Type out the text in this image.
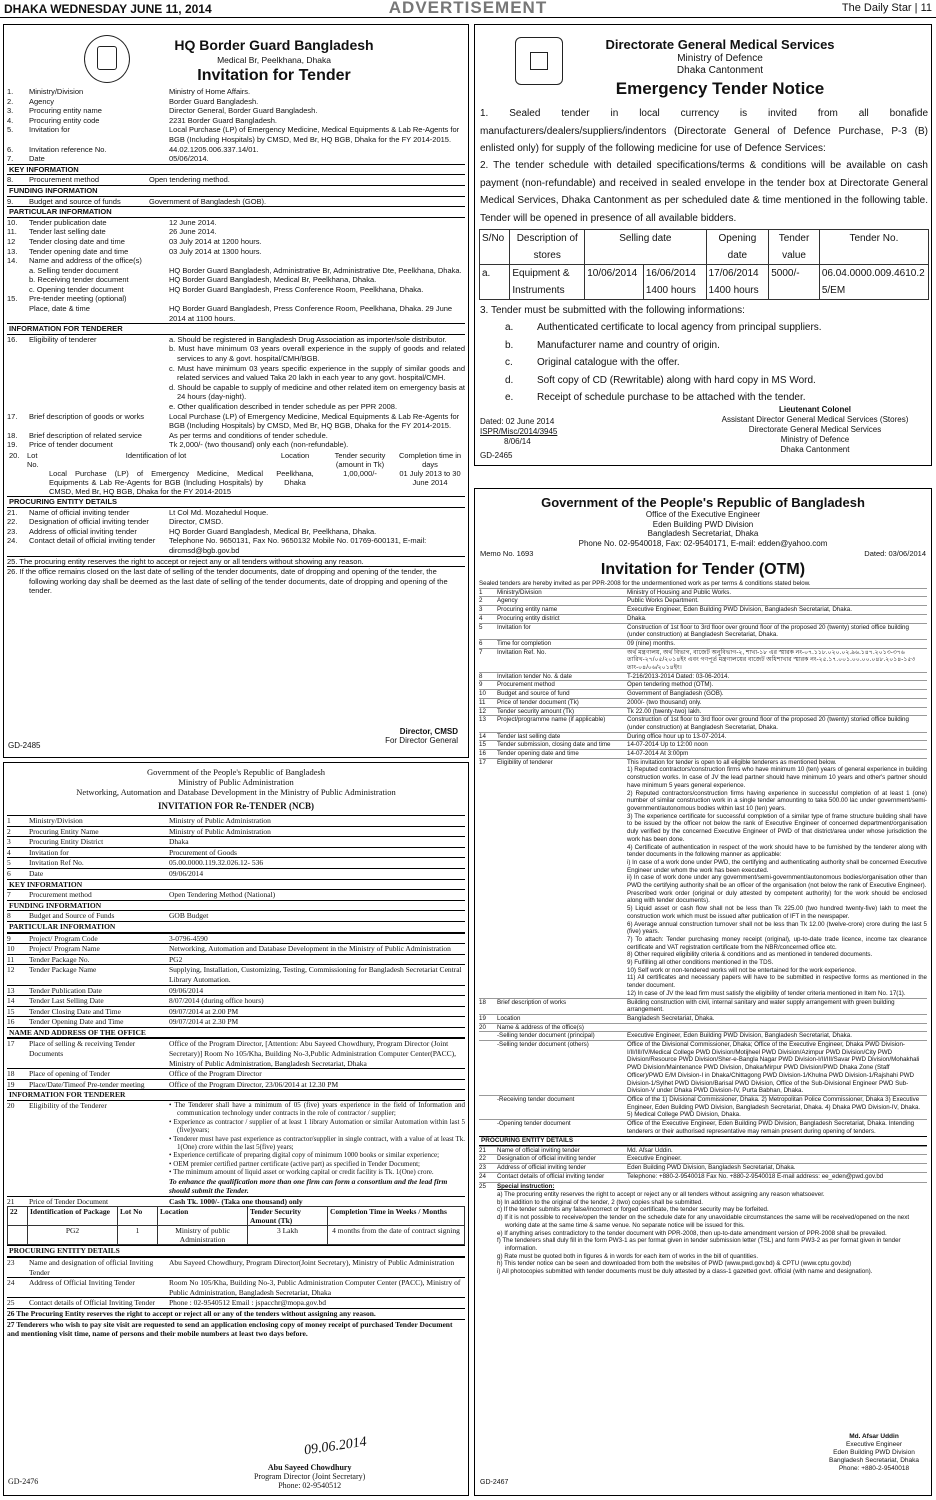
DHAKA WEDNESDAY JUNE 11, 2014	ADVERTISEMENT	The Daily Star | 11
HQ Border Guard Bangladesh
Medical Br, Peelkhana, Dhaka
Invitation for Tender
1.	Ministry/Division	Ministry of Home Affairs.
2.	Agency	Border Guard Bangladesh.
3.	Procuring entity name	Director General, Border Guard Bangladesh.
4.	Procuring entity code	2231 Border Guard Bangladesh.
5.	Invitation for	Local Purchase (LP) of Emergency Medicine, Medical Equipments & Lab Re-Agents for BGB (Including Hospitals) by CMSD, Med Br, HQ BGB, Dhaka for the FY 2014-2015.
6.	Invitation reference No.	44.02.1205.006.337.14/01.
7.	Date	05/06/2014.
KEY INFORMATION
8.	Procurement method	Open tendering method.
FUNDING INFORMATION
9.	Budget and source of funds	Government of Bangladesh (GOB).
PARTICULAR INFORMATION
10.	Tender publication date	12 June 2014.
11.	Tender last selling date	26 June 2014.
12	Tender closing date and time	03 July 2014 at 1200 hours.
13.	Tender opening date and time	03 July 2014 at 1300 hours.
14.	Name and address of the office(s)
a. Selling tender document	HQ Border Guard Bangladesh, Administrative Br, Administrative Dte, Peelkhana, Dhaka.
b. Receiving tender document	HQ Border Guard Bangladesh, Medical Br, Peelkhana, Dhaka.
c. Opening tender document	HQ Border Guard Bangladesh, Press Conference Room, Peelkhana, Dhaka.
15.	Pre-tender meeting (optional)
Place, date & time	HQ Border Guard Bangladesh, Press Conference Room, Peelkhana, Dhaka. 29 June 2014 at 1100 hours.
INFORMATION FOR TENDERER
16.	Eligibility of tenderer	a. Should be registered in Bangladesh Drug Association as importer/sole distributor.
b. Must have minimum 03 years overall experience in the supply of goods and related services to any & govt. hospital/CMH/BGB.
c. Must have minimum 03 years specific experience in the supply of similar goods and related services and valued Taka 20 lakh in each year to any govt. hospital/CMH.
d. Should be capable to supply of medicine and other related item on emergency basis at 24 hours (day-night).
e. Other qualification described in tender schedule as per PPR 2008.
17.	Brief description of goods or works	Local Purchase (LP) of Emergency Medicine, Medical Equipments & Lab Re-Agents for BGB (Including Hospitals) by CMSD, Med Br, HQ BGB, Dhaka for the FY 2014-2015.
18.	Brief description of related service	As per terms and conditions of tender schedule.
19.	Price of tender document	Tk 2,000/- (two thousand) only each (non-refundable).
20.	Lot No.	Identification of lot	Location	Tender security (amount in Tk)	Completion time in days
		Local Purchase (LP) of Emergency Medicine, Medical Equipments & Lab Re-Agents for BGB (Including Hospitals) by CMSD, Med Br, HQ BGB, Dhaka for the FY 2014-2015	Peelkhana, Dhaka	1,00,000/-	01 July 2013 to 30 June 2014
PROCURING ENTITY DETAILS
21.	Name of official inviting tender	Lt Col Md. Mozahedul Hoque.
22.	Designation of official inviting tender	Director, CMSD.
23.	Address of official inviting tender	HQ Border Guard Bangladesh, Medical Br, Peelkhana, Dhaka.
24.	Contact detail of official inviting tender	Telephone No. 9650131, Fax No. 9650132 Mobile No. 01769-600131, E-mail: dircmsd@bgb.gov.bd
25. The procuring entity reserves the right to accept or reject any or all tenders without showing any reason.
26. If the office remains closed on the last date of selling of the tender documents, date of dropping and opening of the tender, the following working day shall be deemed as the last date of selling of the tender documents, date of dropping and opening of the tender.
Director, CMSD
For Director General
GD-2485
Government of the People's Republic of Bangladesh
Ministry of Public Administration
Networking, Automation and Database Development in the Ministry of Public Administration
INVITATION FOR Re-TENDER (NCB)
1	Ministry/Division	Ministry of Public Administration
2	Procuring Entity Name	Ministry of Public Administration
3	Procuring Entity District	Dhaka
4	Invitation for	Procurement of Goods
5	Invitation Ref No.	05.00.0000.119.32.026.12- 536
6	Date	09/06/2014
KEY INFORMATION
7	Procurement method	Open Tendering Method (National)
FUNDING INFORMATION
8	Budget and Source of Funds	GOB Budget
PARTICULAR INFORMATION
9	Project/ Program Code	3-0796-4590
10	Project/ Program Name	Networking, Automation and Database Development in the Ministry of Public Administration
11	Tender Package No.	PG2
12	Tender Package Name	Supplying, Installation, Customizing, Testing, Commissioning for Bangladesh Secretariat Central Library Automation.
13	Tender Publication Date	09/06/2014
14	Tender Last Selling Date	8/07/2014 (during office hours)
15	Tender Closing Date and Time	09/07/2014 at 2.00 PM
16	Tender Opening Date and Time	09/07/2014 at 2.30 PM
NAME AND ADDRESS OF THE OFFICE
17	Place of selling & receiving Tender Documents
Office of the Program Director, [Attention: Abu Sayeed Chowdhury, Program Director (Joint Secretary)] Room No 105/Kha, Building No-3,Public Administration Computer Center(PACC), Ministry of Public Administration, Bangladesh Secretariat, Dhaka
18	Place of opening of Tender	Office of the Program Director
19	Place/Date/Timeof Pre-tender meeting	Office of the Program Director, 23/06/2014 at 12.30 PM
INFORMATION FOR TENDERER
20	Eligibility of the Tenderer	• The Tenderer shall have a minimum of 05 (five) years experience in the field of Information and communication technology under contracts in the role of contractor / supplier;
• Experience as contractor / supplier of at least 1 library Automation or similar Automation within last 5 (five)years;
• Tenderer must have past experience as contractor/supplier in single contract, with a value of at least Tk. 1(One) crore within the last 5(five) years;
• Experience certificate of preparing digital copy of minimum 1000 books or similar experience;
• OEM premier certified partner certificate (active part) as specified in Tender Document;
• The minimum amount of liquid asset or working capital or credit facility is Tk. 1(One) crore.
To enhance the qualification more than one firm can form a consortium and the lead firm should submit the Tender.
21	Price of Tender Document	Cash Tk. 1000/- (Taka one thousand) only
22	Identification of Package	Lot No	Location	Tender Security Amount (Tk)	Completion Time in Weeks / Months
	PG2	1	Ministry of public Administration	3 Lakh	4 months from the date of contract signing
PROCURING ENTITY DETAILS
23	Name and designation of official Inviting Tender
Abu Sayeed Chowdhury, Program Director(Joint Secretary), Ministry of Public Administration
24	Address of Official Inviting Tender	Room No 105/Kha, Building No-3, Public Administration Computer Center (PACC), Ministry of Public Administration, Bangladesh Secretariat, Dhaka
25	Contact details of Official Inviting Tender	Phone : 02-9540512 Email : jspacchr@mopa.gov.bd
26 The Procuring Entity reserves the right to accept or reject all or any of the tenders without assigning any reason.
27 Tenderers who wish to pay site visit are requested to send an application enclosing copy of money receipt of purchased Tender Document and mentioning visit time, name of persons and their mobile numbers at least two days before.
09.06.2014
Abu Sayeed Chowdhury
Program Director (Joint Secretary)
Phone: 02-9540512
GD-2476
Directorate General Medical Services
Ministry of Defence
Dhaka Cantonment
Emergency Tender Notice
1. Sealed tender in local currency is invited from all bonafide manufacturers/dealers/suppliers/indentors (Directorate General of Defence Purchase, P-3 (B) enlisted only) for supply of the following medicine for use of Defence Services:
2. The tender schedule with detailed specifications/terms & conditions will be available on cash payment (non-refundable) and received in sealed envelope in the tender box at Directorate General Medical Services, Dhaka Cantonment as per scheduled date & time mentioned in the following table. Tender will be opened in presence of all available bidders.
S/No	Description of stores	Selling date		Opening date	Tender value	Tender No.
a.	Equipment & Instruments	10/06/2014	16/06/2014 1400 hours	17/06/2014 1400 hours	5000/-	06.04.0000.009.4610.2 5/EM
3. Tender must be submitted with the following informations:
a.	Authenticated certificate to local agency from principal suppliers.
b.	Manufacturer name and country of origin.
c.	Original catalogue with the offer.
d.	Soft copy of CD (Rewritable) along with hard copy in MS Word.
e.	Receipt of schedule purchase to be attached with the tender.
Dated: 02 June 2014
ISPR/Misc/2014/3945
8/06/14
GD-2465
Lieutenant Colonel
Assistant Director General Medical Services (Stores)
Directorate General Medical Services
Ministry of Defence
Dhaka Cantonment
Government of the People's Republic of Bangladesh
Office of the Executive Engineer
Eden Building PWD Division
Bangladesh Secretariat, Dhaka
Phone No. 02-9540018, Fax: 02-9540171, E-mail: edden@yahoo.com
Memo No. 1693	Dated: 03/06/2014
Invitation for Tender (OTM)
Sealed tenders are hereby invited as per PPR-2008 for the undermentioned work as per terms & conditions stated below.
1	Ministry/Division	Ministry of Housing and Public Works.
2	Agency	Public Works Department.
3	Procuring entity name	Executive Engineer, Eden Building PWD Division, Bangladesh Secretariat, Dhaka.
4	Procuring entity district	Dhaka.
5	Invitation for	Construction of 1st floor to 3rd floor over ground floor of the proposed 20 (twenty) storied office building (under construction) at Bangladesh Secretariat, Dhaka.
6	Time for completion	09 (nine) months.
7	Invitation Ref. No.	অর্থ মন্ত্রণালয়, অর্থ বিভাগ, বাজেট অনুবিভাগ-২, শাখা-১৮ এর স্মারক নং-০৭.১১৮.০২০.০২.৯৬.১৪৭.২০১৩-৩৭৬ তারিখ-২৭/০৫/২০১৪ইং এবং গণপূর্ত মন্ত্রণালয়ের বাজেট অধিশাখার স্মারক নং-২৫.১৭.০০১.০০.০০.০৪৮.২০১৪-১৫৩ তাং-০৪/০৬/২০১৪ইং।
8	Invitation tender No. & date	T-216/2013-2014 Dated: 03-06-2014.
9	Procurement method	Open tendering method (OTM).
10	Budget and source of fund	Government of Bangladesh (GOB).
11	Price of tender document (Tk)	2000/- (two thousand) only.
12	Tender security amount (Tk)	Tk 22.00 (twenty-two) lakh.
13	Project/programme name (if applicable)	Construction of 1st floor to 3rd floor over ground floor of the proposed 20 (twenty) storied office building (under construction) at Bangladesh Secretariat, Dhaka.
14	Tender last selling date	During office hour up to 13-07-2014.
15	Tender submission, closing date and time	14-07-2014 Up to 12:00 noon
16	Tender opening date and time	14-07-2014 At 3:00pm
17	Eligibility of tenderer	This invitation for tender is open to all eligible tenderers as mentioned below.
1) Reputed contractors/construction firms who have minimum 10 (ten) years of general experience in building construction works. In case of JV the lead partner should have minimum 10 years and other's partner should have minimum 5 years general experience.
2) Reputed contractors/construction firms having experience in successful completion of at least 1 (one) number of similar construction work in a single tender amounting to taka 500.00 lac under government/semi-government/autonomous bodies within last 10 (ten) years.
3) The experience certificate for successful completion of a similar type of frame structure building shall have to be issued by the officer not below the rank of Executive Engineer of concerned department/organisation duly verified by the concerned Executive Engineer of PWD of that district/area under whose jurisdiction the work has been done.
4) Certificate of authentication in respect of the work should have to be furnished by the tenderer along with tender documents in the following manner as applicable:
i) In case of a work done under PWD, the certifying and authenticating authority shall be concerned Executive Engineer under whom the work has been executed.
ii) In case of work done under any government/semi-government/autonomous bodies/organisation other than PWD the certifying authority shall be an officer of the organisation (not below the rank of Executive Engineer).
Prescribed work order (original or duly attested by competent authority) for the work should be enclosed along with tender documents).
5) Liquid asset or cash flow shall not be less than Tk 225.00 (two hundred twenty-five) lakh to meet the construction work which must be issued after publication of IFT in the newspaper.
6) Average annual construction turnover shall not be less than Tk 12.00 (twelve-crore) crore during the last 5 (five) years.
7) To attach: Tender purchasing money receipt (original), up-to-date trade licence, income tax clearance certificate and VAT registration certificate from the NBR/concerned office etc.
8) Other required eligibility criteria & conditions and as mentioned in tendered documents.
9) Fulfilling all other conditions mentioned in the TDS.
10) Self work or non-tendered works will not be entertained for the work experience.
11) All certificates and necessary papers will have to be submitted in respective forms as mentioned in the tender document.
12) In case of JV the lead firm must satisfy the eligibility of tender criteria mentioned in Item No. 17(1).
18	Brief description of works	Building construction with civil, internal sanitary and water supply arrangement with green building arrangement.
19	Location	Bangladesh Secretariat, Dhaka.
20	Name & address of the office(s)
-Selling tender document (principal)	Executive Engineer, Eden Building PWD Division, Bangladesh Secretariat, Dhaka.
-Selling tender document (others)	Office of the Divisional Commissioner, Dhaka; Office of the Executive Engineer, Dhaka PWD Division-I/II/III/IV/Medical College PWD Division/Motijheel PWD Division/Azimpur PWD Division/City PWD Division/Resource PWD Division/Sher-e-Bangla Nagar PWD Division-I/II/III/Savar PWD Division/Mohakhali PWD Division/Maintenance PWD Division, Dhaka/Mirpur PWD Division/PWD Dhaka Zone (Staff Officer)/PWD E/M Division-I in Dhaka/Chittagong PWD Division-1/Khulna PWD Division-1/Rajshahi PWD Division-1/Sylhet PWD Division/Barisal PWD Division, Office of the Sub-Divisional Engineer PWD Sub-Division-V under Dhaka PWD Division-IV, Purta Babhan, Dhaka.
-Receiving tender document	Office of the 1) Divisional Commissioner, Dhaka. 2) Metropolitan Police Commissioner, Dhaka 3) Executive Engineer, Eden Building PWD Division, Bangladesh Secretariat, Dhaka. 4) Dhaka PWD Division-IV, Dhaka. 5) Medical College PWD Division, Dhaka.
-Opening tender document	Office of the Executive Engineer, Eden Building PWD Division, Bangladesh Secretariat, Dhaka. Intending tenderers or their authorised representative may remain present during opening of tenders.
PROCURING ENTITY DETAILS
21	Name of official inviting tender	Md. Afsar Uddin.
22	Designation of official inviting tender	Executive Engineer.
23	Address of official inviting tender	Eden Building PWD Division, Bangladesh Secretariat, Dhaka.
24	Contact details of official inviting tender	Telephone: +880-2-9540018 Fax No. +880-2-9540018 E-mail address: ee_eden@pwd.gov.bd
25	Special instruction:
a) The procuring entity reserves the right to accept or reject any or all tenders without assigning any reason whatsoever.
b) In addition to the original of the tender, 2 (two) copies shall be submitted.
c) If the tender submits any false/incorrect or forged certificate, the tender security may be forfeited.
d) If it is not possible to receive/open the tender on the schedule date for any unavoidable circumstances the same will be received/opened on the next working date at the same time & same venue. No separate notice will be issued for this.
e) If anything arises contradictory to the tender document with PPR-2008, then up-to-date amendment version of PPR-2008 shall be prevailed.
f) The tenderers shall duly fill in the form PW3-1 as per format given in tender submission letter (TSL) and form PW3-2 as per format given in tender information.
g) Rate must be quoted both in figures & in words for each item of works in the bill of quantities.
h) This tender notice can be seen and downloaded from both the websites of PWD (www.pwd.gov.bd) & CPTU (www.cptu.gov.bd)
i) All photocopies submitted with tender documents must be duly attested by a class-1 gazetted govt. official (with name and designation).
Md. Afsar Uddin
Executive Engineer
Eden Building PWD Division
Bangladesh Secretariat, Dhaka
Phone: +880-2-9540018
GD-2467
